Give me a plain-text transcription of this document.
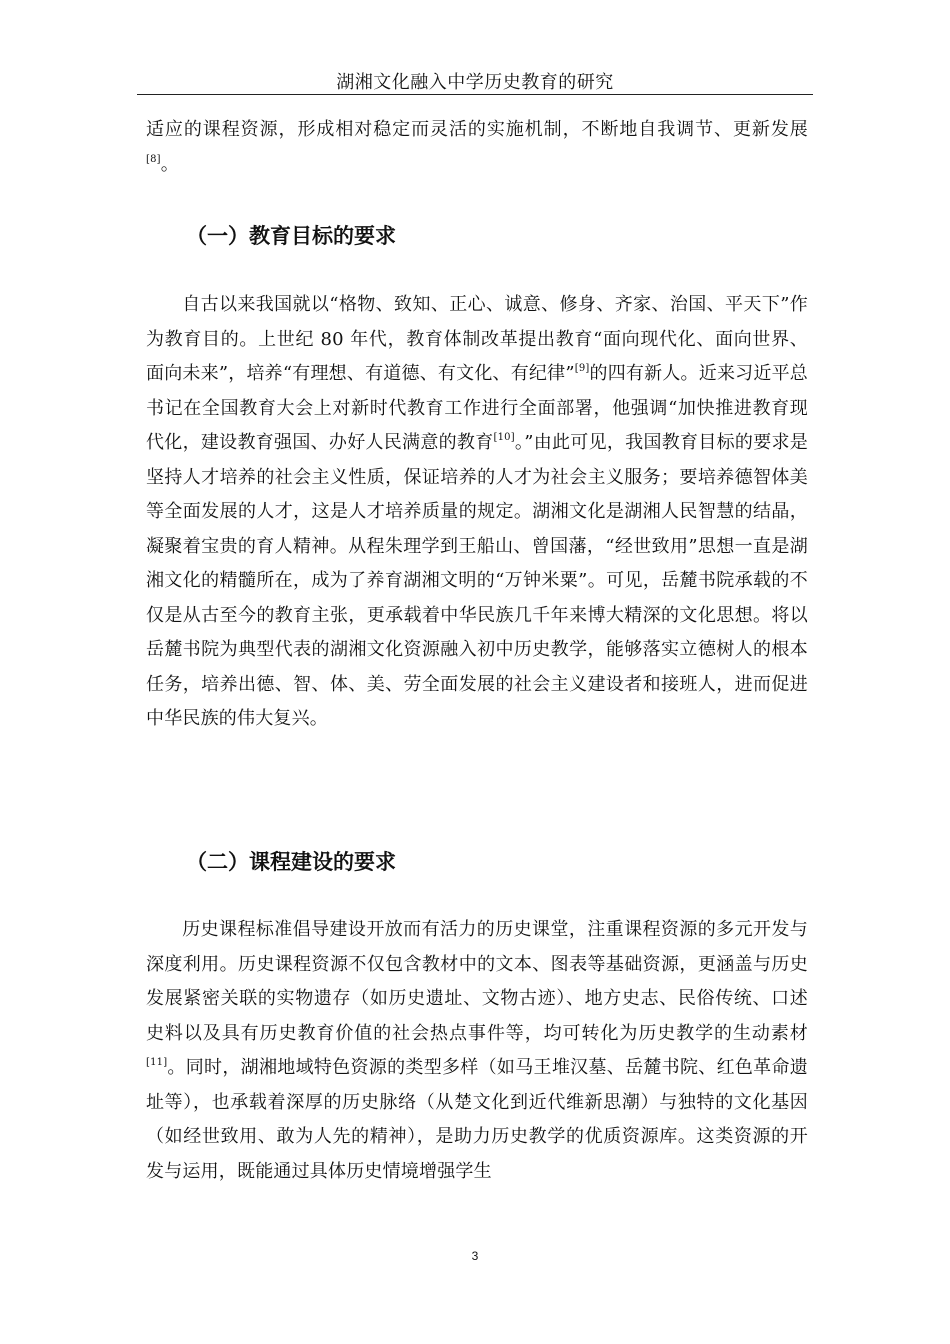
湖湘文化融入中学历史教育的研究

适应的课程资源，形成相对稳定而灵活的实施机制，不断地自我调节、更新发展[8]。

（一）教育目标的要求

自古以来我国就以“格物、致知、正心、诚意、修身、齐家、治国、平天下”作为教育目的。上世纪 80 年代，教育体制改革提出教育“面向现代化、面向世界、面向未来”，培养“有理想、有道德、有文化、有纪律”[9]的四有新人。近来习近平总书记在全国教育大会上对新时代教育工作进行全面部署，他强调“加快推进教育现代化，建设教育强国、办好人民满意的教育[10]。”由此可见，我国教育目标的要求是坚持人才培养的社会主义性质，保证培养的人才为社会主义服务；要培养德智体美等全面发展的人才，这是人才培养质量的规定。湖湘文化是湖湘人民智慧的结晶，凝聚着宝贵的育人精神。从程朱理学到王船山、曾国藩，“经世致用”思想一直是湖湘文化的精髓所在，成为了养育湖湘文明的“万钟米粟”。可见，岳麓书院承载的不仅是从古至今的教育主张，更承载着中华民族几千年来博大精深的文化思想。将以岳麓书院为典型代表的湖湘文化资源融入初中历史教学，能够落实立德树人的根本任务，培养出德、智、体、美、劳全面发展的社会主义建设者和接班人，进而促进中华民族的伟大复兴。

（二）课程建设的要求

历史课程标准倡导建设开放而有活力的历史课堂，注重课程资源的多元开发与深度利用。历史课程资源不仅包含教材中的文本、图表等基础资源，更涵盖与历史发展紧密关联的实物遗存（如历史遗址、文物古迹）、地方史志、民俗传统、口述史料以及具有历史教育价值的社会热点事件等，均可转化为历史教学的生动素材[11]。同时，湖湘地域特色资源的类型多样（如马王堆汉墓、岳麓书院、红色革命遗址等），也承载着深厚的历史脉络（从楚文化到近代维新思潮）与独特的文化基因（如经世致用、敢为人先的精神），是助力历史教学的优质资源库。这类资源的开发与运用，既能通过具体历史情境增强学生

3
